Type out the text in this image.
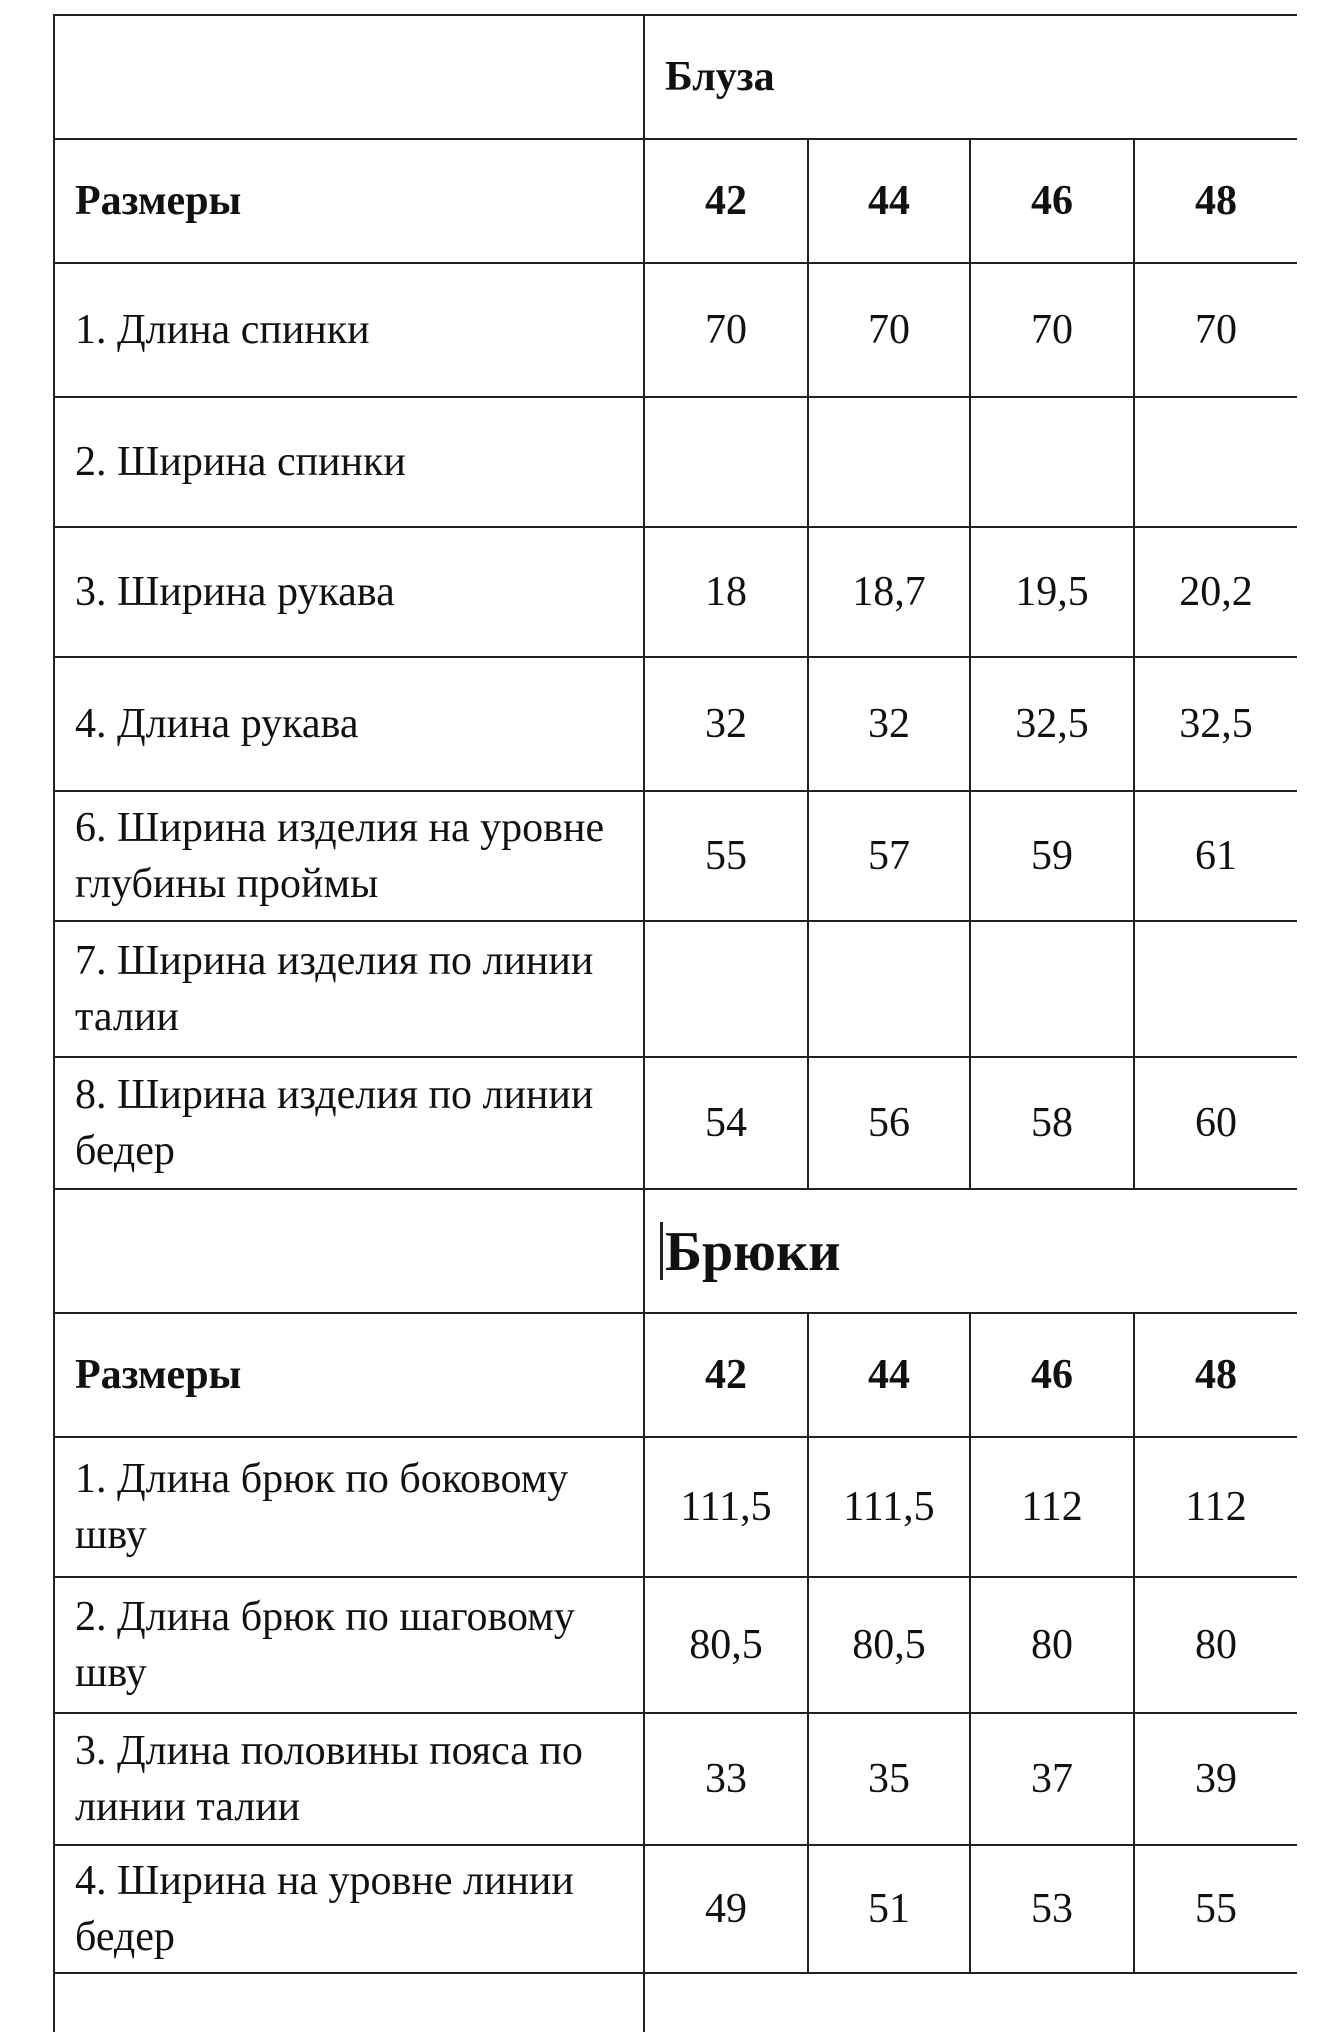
	Блуза			
Размеры	42	44	46	48
1. Длина спинки	70	70	70	70
2. Ширина спинки				
3. Ширина рукава	18	18,7	19,5	20,2
4. Длина рукава	32	32	32,5	32,5
6. Ширина изделия на уровне глубины проймы	55	57	59	61
7. Ширина изделия по линии талии				
8. Ширина изделия по линии бедер	54	56	58	60
	Брюки			
Размеры	42	44	46	48
1. Длина брюк по боковому шву	111,5	111,5	112	112
2. Длина брюк по шаговому шву	80,5	80,5	80	80
3. Длина половины пояса по линии талии	33	35	37	39
4. Ширина на уровне линии бедер	49	51	53	55
